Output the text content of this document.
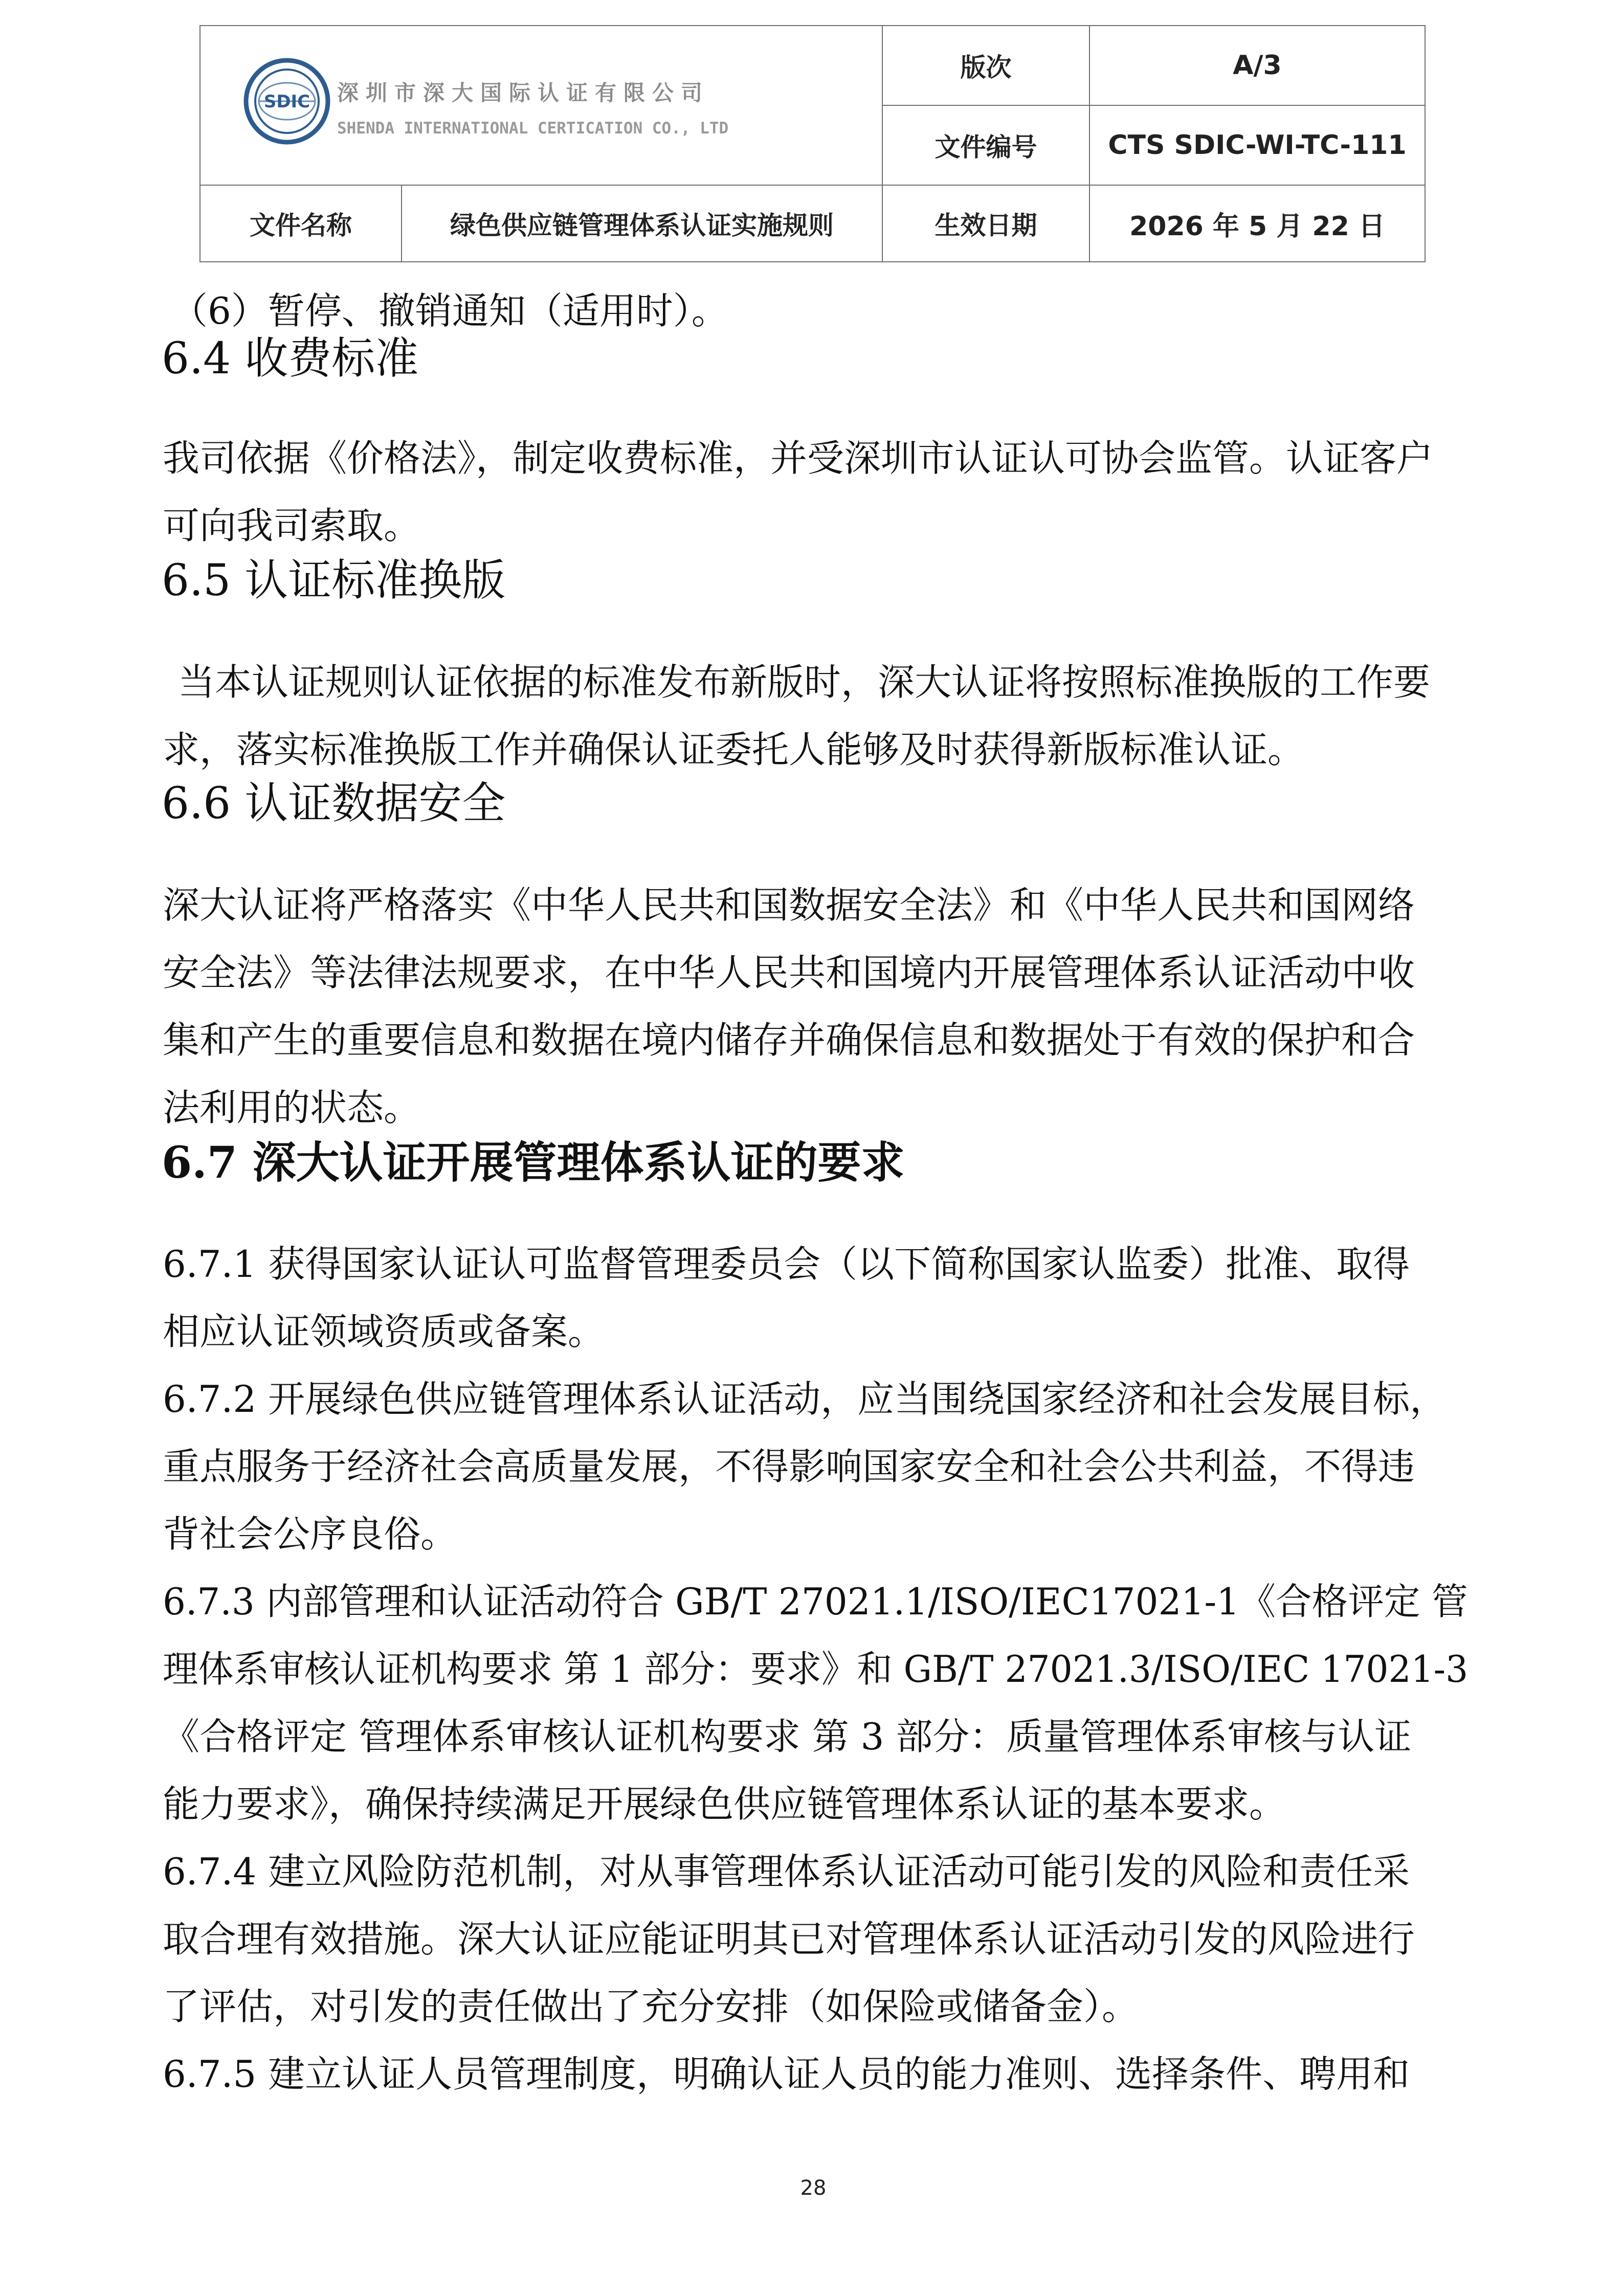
SDIC 深圳市深大国际认证有限公司
SHENDA INTERNATIONAL CERTICATION CO., LTD		版次	A/3
		文件编号	CTS SDIC-WI-TC-111
文件名称	绿色供应链管理体系认证实施规则	生效日期	2026 年 5 月 22 日
（6）暂停、撤销通知（适用时）。
6.4 收费标准
我司依据《价格法》，制定收费标准，并受深圳市认证认可协会监管。认证客户
可向我司索取。
6.5 认证标准换版
当本认证规则认证依据的标准发布新版时，深大认证将按照标准换版的工作要
求，落实标准换版工作并确保认证委托人能够及时获得新版标准认证。
6.6 认证数据安全
深大认证将严格落实《中华人民共和国数据安全法》和《中华人民共和国网络
安全法》等法律法规要求，在中华人民共和国境内开展管理体系认证活动中收
集和产生的重要信息和数据在境内储存并确保信息和数据处于有效的保护和合
法利用的状态。
6.7 深大认证开展管理体系认证的要求
6.7.1 获得国家认证认可监督管理委员会（以下简称国家认监委）批准、取得
相应认证领域资质或备案。
6.7.2 开展绿色供应链管理体系认证活动，应当围绕国家经济和社会发展目标，
重点服务于经济社会高质量发展，不得影响国家安全和社会公共利益，不得违
背社会公序良俗。
6.7.3 内部管理和认证活动符合 GB/T 27021.1/ISO/IEC17021-1《合格评定 管
理体系审核认证机构要求 第 1 部分：要求》和 GB/T 27021.3/ISO/IEC 17021-3
《合格评定 管理体系审核认证机构要求 第 3 部分：质量管理体系审核与认证
能力要求》，确保持续满足开展绿色供应链管理体系认证的基本要求。
6.7.4 建立风险防范机制，对从事管理体系认证活动可能引发的风险和责任采
取合理有效措施。深大认证应能证明其已对管理体系认证活动引发的风险进行
了评估，对引发的责任做出了充分安排（如保险或储备金）。
6.7.5 建立认证人员管理制度，明确认证人员的能力准则、选择条件、聘用和
28
